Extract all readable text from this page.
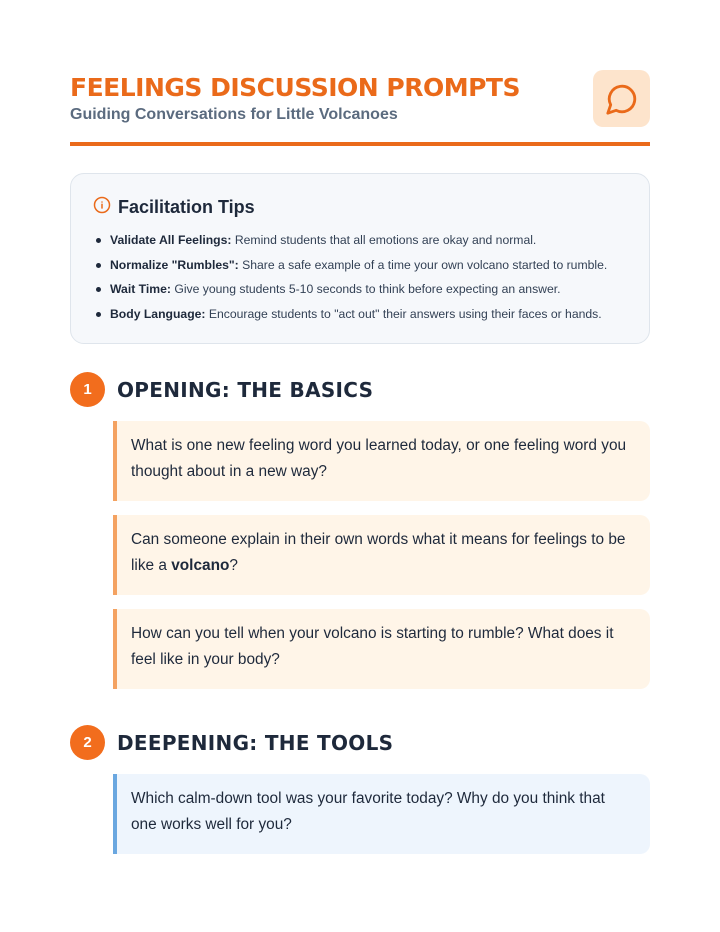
FEELINGS DISCUSSION PROMPTS
Guiding Conversations for Little Volcanoes
Facilitation Tips
Validate All Feelings: Remind students that all emotions are okay and normal.
Normalize "Rumbles": Share a safe example of a time your own volcano started to rumble.
Wait Time: Give young students 5-10 seconds to think before expecting an answer.
Body Language: Encourage students to "act out" their answers using their faces or hands.
1	OPENING: THE BASICS
What is one new feeling word you learned today, or one feeling word you thought about in a new way?
Can someone explain in their own words what it means for feelings to be like a volcano?
How can you tell when your volcano is starting to rumble? What does it feel like in your body?
2	DEEPENING: THE TOOLS
Which calm-down tool was your favorite today? Why do you think that one works well for you?
